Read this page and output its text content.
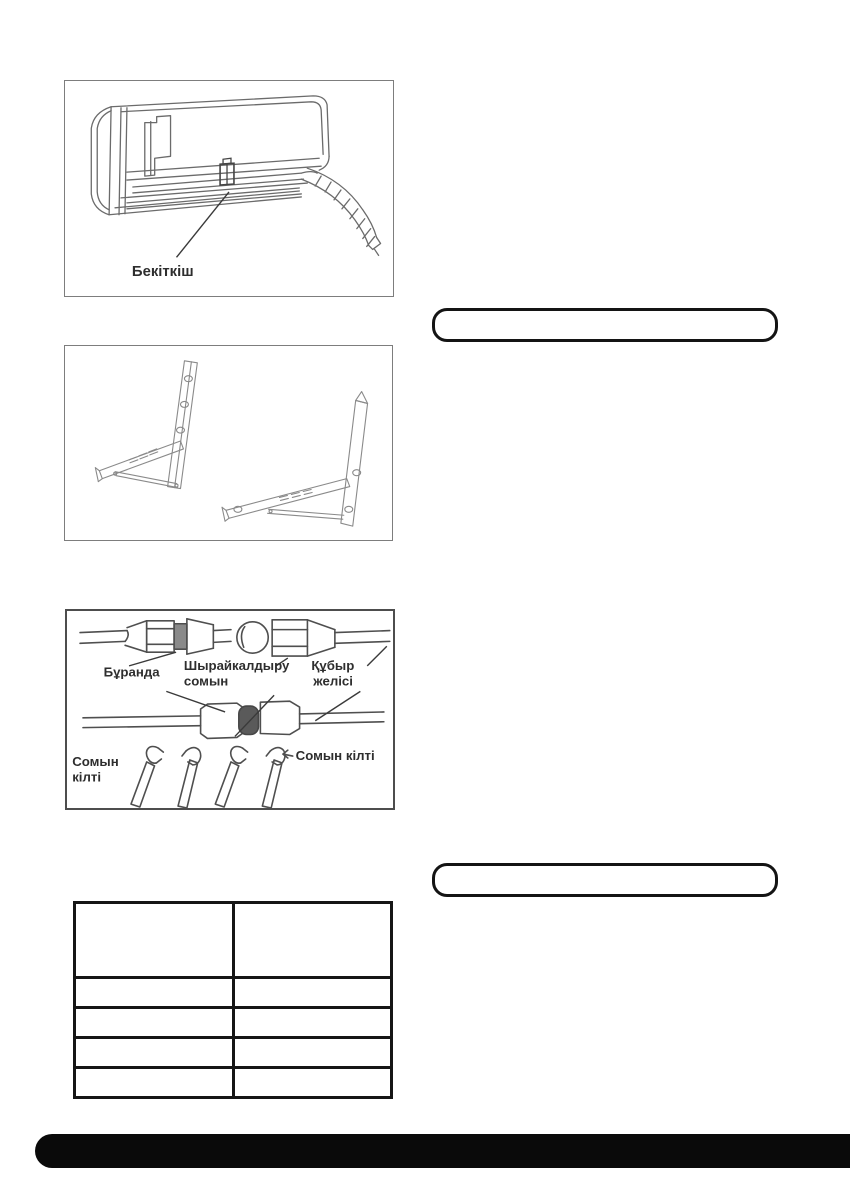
Бекіткіш
Бұранда Шырайкалдыру
сомын
Құбыр
желісі
Сомын
кілті
Сомын кілті
